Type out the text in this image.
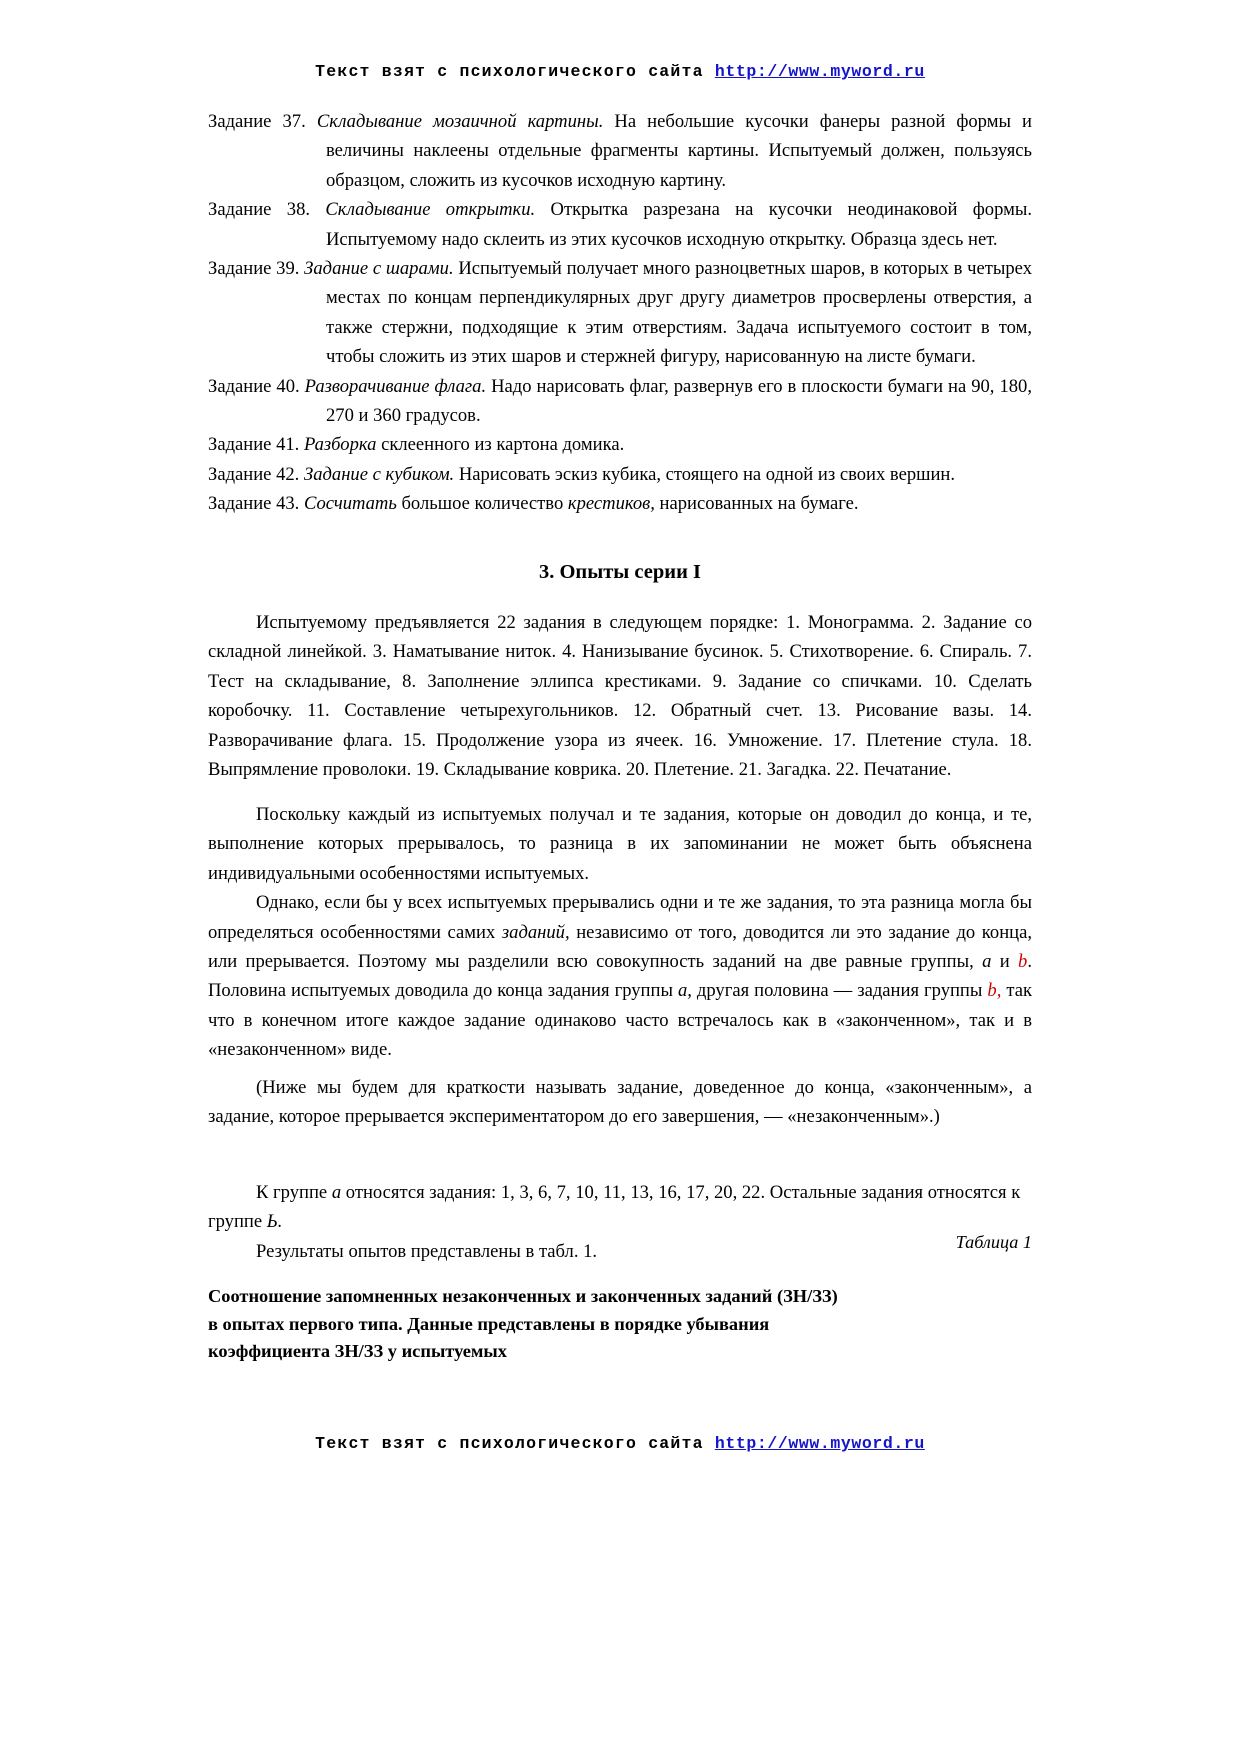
Текст взят с психологического сайта http://www.myword.ru

Задание 37. Складывание мозаичной картины. На небольшие кусочки фанеры разной формы и величины наклеены отдельные фрагменты картины. Испытуемый должен, пользуясь образцом, сложить из кусочков исходную картину.

Задание 38. Складывание открытки. Открытка разрезана на кусочки неодинаковой формы. Испытуемому надо склеить из этих кусочков исходную открытку. Образца здесь нет.

Задание 39. Задание с шарами. Испытуемый получает много разноцветных шаров, в которых в четырех местах по концам перпендикулярных друг другу диаметров просверлены отверстия, а также стержни, подходящие к этим отверстиям. Задача испытуемого состоит в том, чтобы сложить из этих шаров и стержней фигуру, нарисованную на листе бумаги.

Задание 40. Разворачивание флага. Надо нарисовать флаг, развернув его в плоскости бумаги на 90, 180, 270 и 360 градусов.

Задание 41. Разборка склеенного из картона домика.

Задание 42. Задание с кубиком. Нарисовать эскиз кубика, стоящего на одной из своих вершин.

Задание 43. Сосчитать большое количество крестиков, нарисованных на бумаге.

3. Опыты серии I

Испытуемому предъявляется 22 задания в следующем порядке: 1. Монограмма. 2. Задание со складной линейкой. 3. Наматывание ниток. 4. Нанизывание бусинок. 5. Стихотворение. 6. Спираль. 7. Тест на складывание, 8. Заполнение эллипса крестиками. 9. Задание со спичками. 10. Сделать коробочку. 11. Составление четырехугольников. 12. Обратный счет. 13. Рисование вазы. 14. Разворачивание флага. 15. Продолжение узора из ячеек. 16. Умножение. 17. Плетение стула. 18. Выпрямление проволоки. 19. Складывание коврика. 20. Плетение. 21. Загадка. 22. Печатание.

Поскольку каждый из испытуемых получал и те задания, которые он доводил до конца, и те, выполнение которых прерывалось, то разница в их запоминании не может быть объяснена индивидуальными особенностями испытуемых.

Однако, если бы у всех испытуемых прерывались одни и те же задания, то эта разница могла бы определяться особенностями самих заданий, независимо от того, доводится ли это задание до конца, или прерывается. Поэтому мы разделили всю совокупность заданий на две равные группы, а и b. Половина испытуемых доводила до конца задания группы а, другая половина — задания группы b, так что в конечном итоге каждое задание одинаково часто встречалось как в «законченном», так и в «незаконченном» виде.

(Ниже мы будем для краткости называть задание, доведенное до конца, «законченным», а задание, которое прерывается экспериментатором до его завершения, — «незаконченным».)

К группе а относятся задания: 1, 3, 6, 7, 10, 11, 13, 16, 17, 20, 22. Остальные задания относятся к группе Ь.

Результаты опытов представлены в табл. 1.	Таблица 1
Соотношение запомненных незаконченных и законченных заданий (ЗН/ЗЗ)
в опытах первого типа. Данные представлены в порядке убывания
коэффициента ЗН/ЗЗ у испытуемых
Текст взят с психологического сайта http://www.myword.ru
